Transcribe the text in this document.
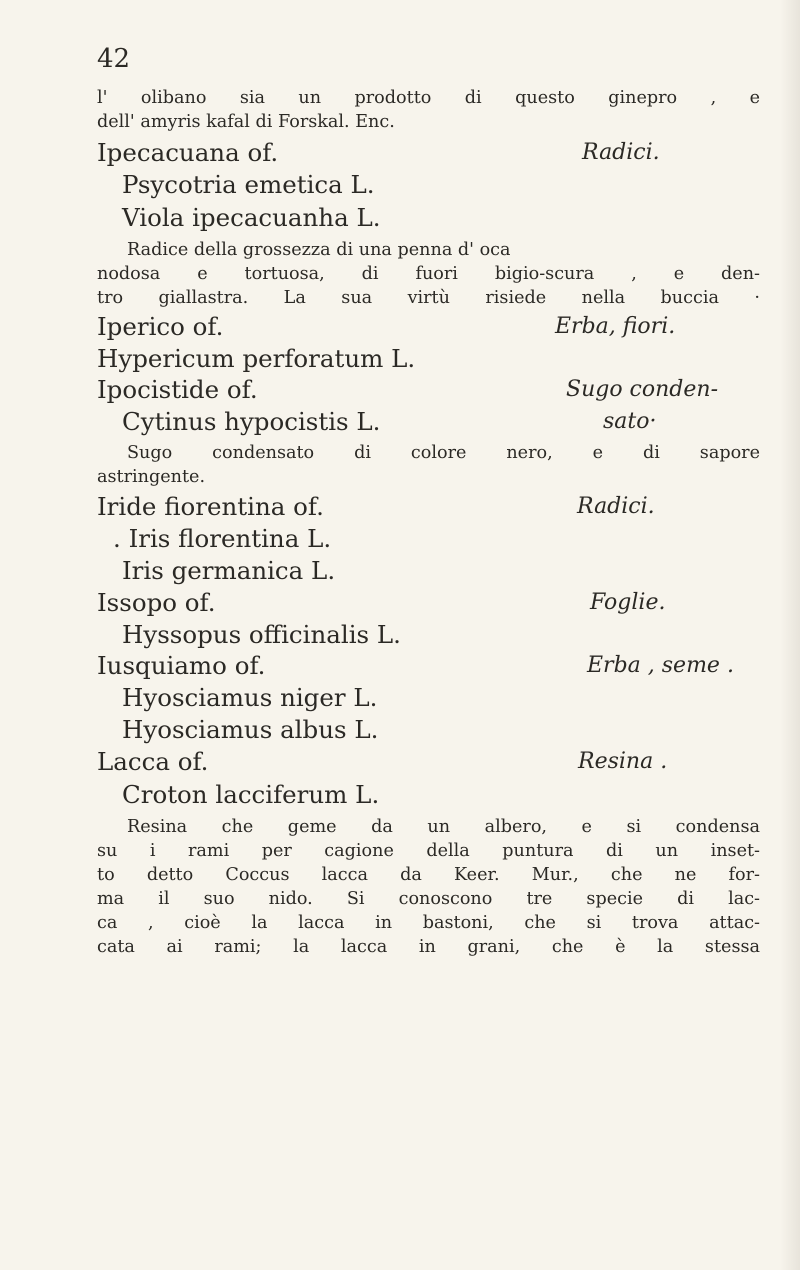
42
l' olibano sia un prodotto di questo ginepro , e
dell' amyris kafal di Forskal. Enc.
Ipecacuana of.	Radici.
Psycotria emetica L.
Viola ipecacuanha L.
Radice della grossezza di una penna d' oca
nodosa e tortuosa, di fuori bigio-scura , e den-
tro giallastra. La sua virtù risiede nella buccia ·
Iperico of.	Erba, fiori.
Hypericum perforatum L.
Ipocistide of.	Sugo conden-
Cytinus hypocistis L.	sato·
Sugo condensato di colore nero, e di sapore
astringente.
Iride fiorentina of.	Radici.
. Iris florentina L.
Iris germanica L.
Issopo of.	Foglie.
Hyssopus officinalis L.
Iusquiamo of.	Erba , seme .
Hyosciamus niger L.
Hyosciamus albus L.
Lacca of.	Resina .
Croton lacciferum L.
Resina che geme da un albero, e si condensa
su i rami per cagione della puntura di un inset-
to detto Coccus lacca da Keer. Mur., che ne for-
ma il suo nido. Si conoscono tre specie di lac-
ca , cioè la lacca in bastoni, che si trova attac-
cata ai rami; la lacca in grani, che è la stessa
